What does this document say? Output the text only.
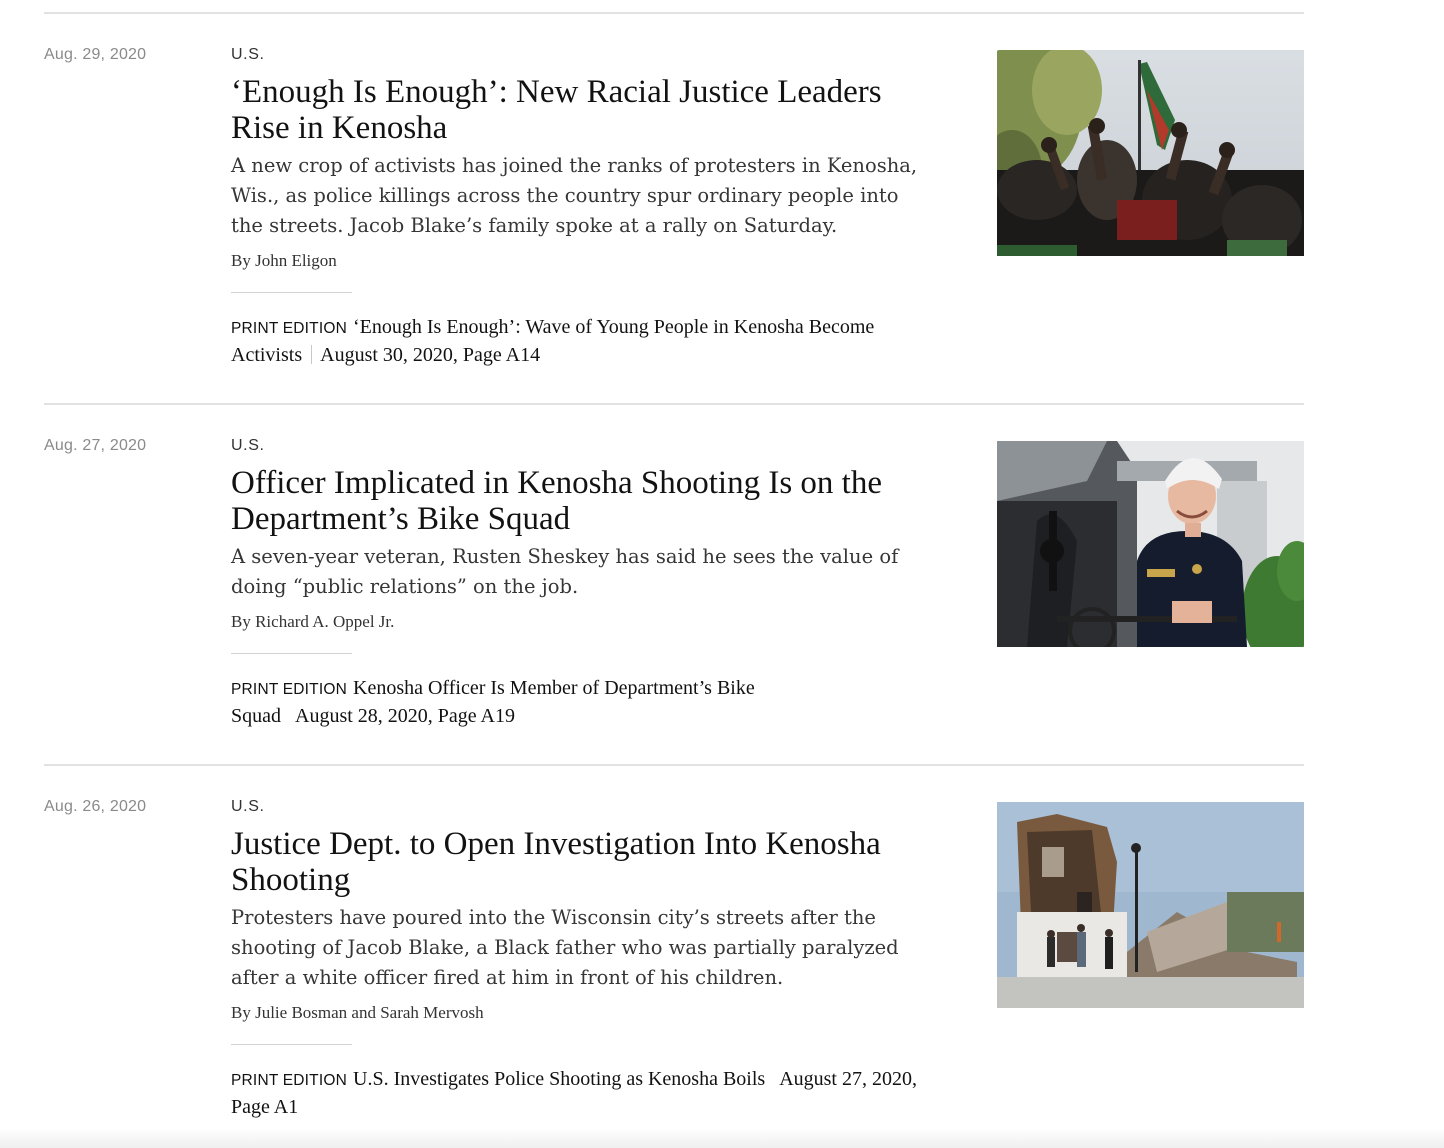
Aug. 29, 2020	U.S.
‘Enough Is Enough’: New Racial Justice Leaders Rise in Kenosha

A new crop of activists has joined the ranks of protesters in Kenosha, Wis., as police killings across the country spur ordinary people into the streets. Jacob Blake’s family spoke at a rally on Saturday.

By John Eligon
PRINT EDITION ‘Enough Is Enough’: Wave of Young People in Kenosha Become Activists August 30, 2020, Page A14
Aug. 27, 2020	U.S.
Officer Implicated in Kenosha Shooting Is on the Department’s Bike Squad

A seven-year veteran, Rusten Sheskey has said he sees the value of doing “public relations” on the job.

By Richard A. Oppel Jr.
PRINT EDITION Kenosha Officer Is Member of Department’s Bike Squad August 28, 2020, Page A19
Aug. 26, 2020	U.S.
Justice Dept. to Open Investigation Into Kenosha Shooting

Protesters have poured into the Wisconsin city’s streets after the shooting of Jacob Blake, a Black father who was partially paralyzed after a white officer fired at him in front of his children.

By Julie Bosman and Sarah Mervosh
PRINT EDITION U.S. Investigates Police Shooting as Kenosha Boils August 27, 2020, Page A1
